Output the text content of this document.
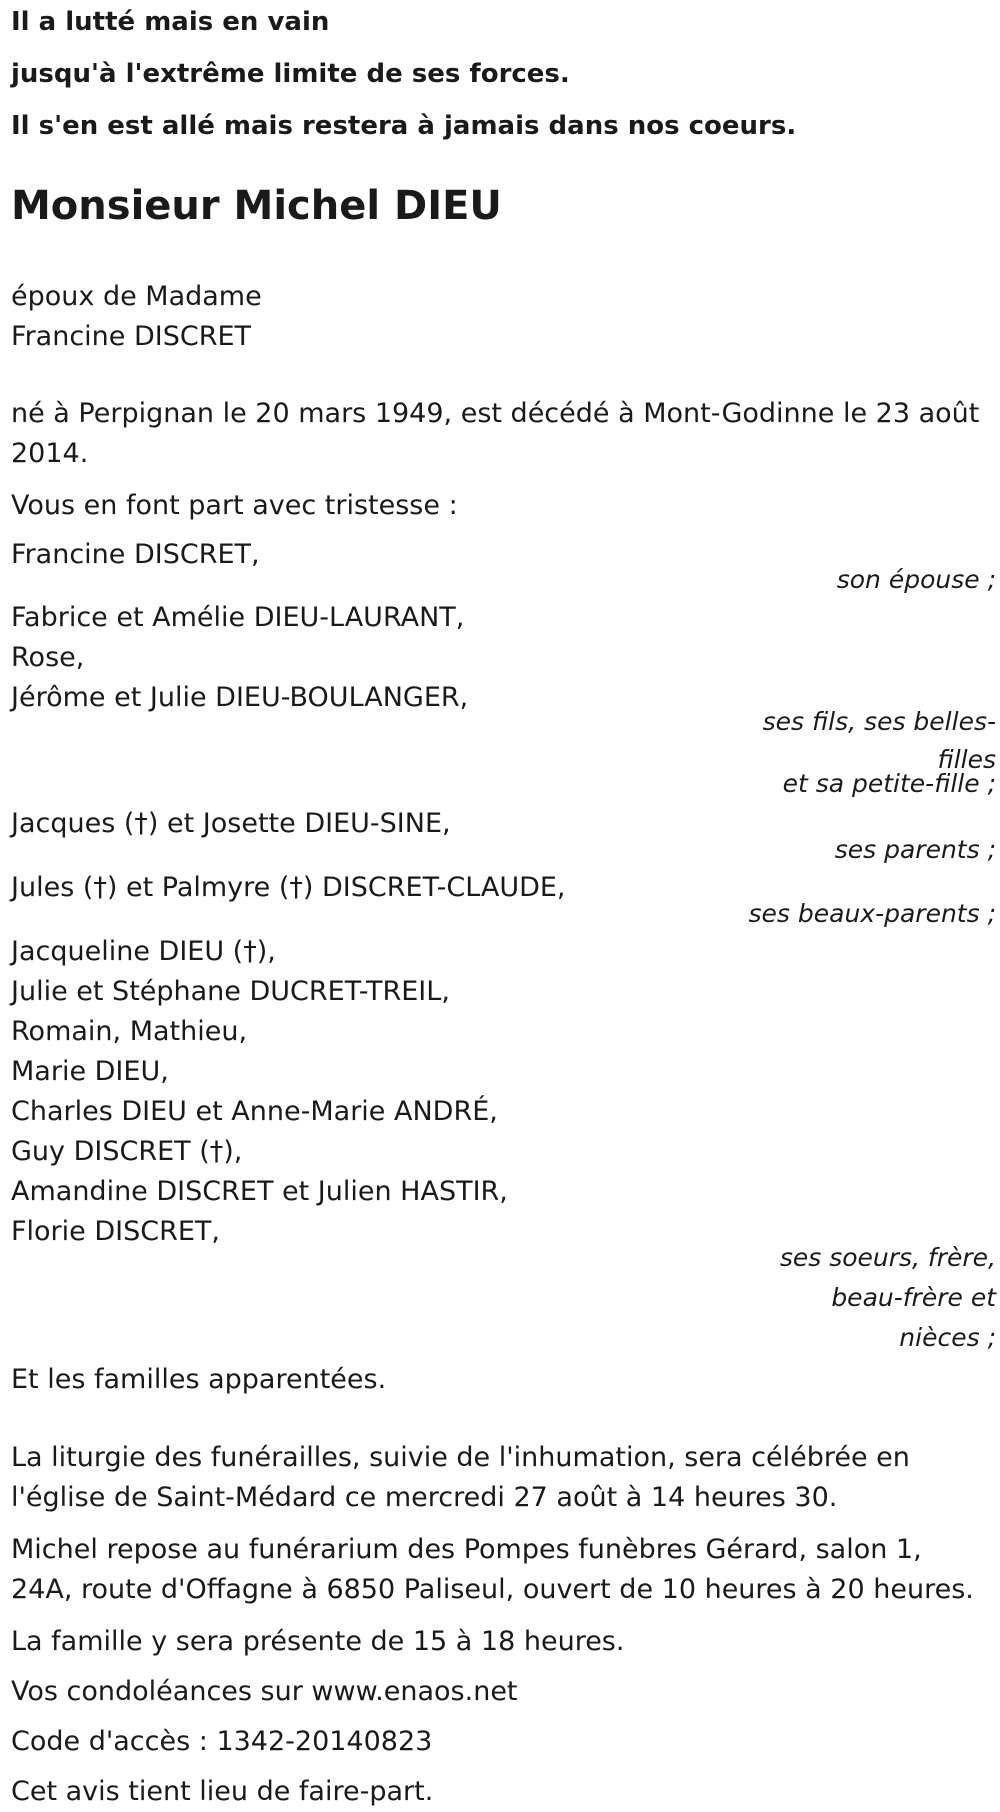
Il a lutté mais en vain
jusqu'à l'extrême limite de ses forces.
Il s'en est allé mais restera à jamais dans nos coeurs.
Monsieur Michel DIEU
époux de Madame
Francine DISCRET
né à Perpignan le 20 mars 1949, est décédé à Mont-Godinne le 23 août 2014.
Vous en font part avec tristesse :
Francine DISCRET,
son épouse ;
Fabrice et Amélie DIEU-LAURANT,
Rose,
Jérôme et Julie DIEU-BOULANGER,
ses fils, ses belles-
filles
et sa petite-fille ;
Jacques (†) et Josette DIEU-SINE,
ses parents ;
Jules (†) et Palmyre (†) DISCRET-CLAUDE,
ses beaux-parents ;
Jacqueline DIEU (†),
Julie et Stéphane DUCRET-TREIL,
Romain, Mathieu,
Marie DIEU,
Charles DIEU et Anne-Marie ANDRÉ,
Guy DISCRET (†),
Amandine DISCRET et Julien HASTIR,
Florie DISCRET,
ses soeurs, frère,
beau-frère et
nièces ;
Et les familles apparentées.
La liturgie des funérailles, suivie de l'inhumation, sera célébrée en l'église de Saint-Médard ce mercredi 27 août à 14 heures 30.
Michel repose au funérarium des Pompes funèbres Gérard, salon 1, 24A, route d'Offagne à 6850 Paliseul, ouvert de 10 heures à 20 heures.
La famille y sera présente de 15 à 18 heures.
Vos condoléances sur www.enaos.net
Code d'accès : 1342-20140823
Cet avis tient lieu de faire-part.
